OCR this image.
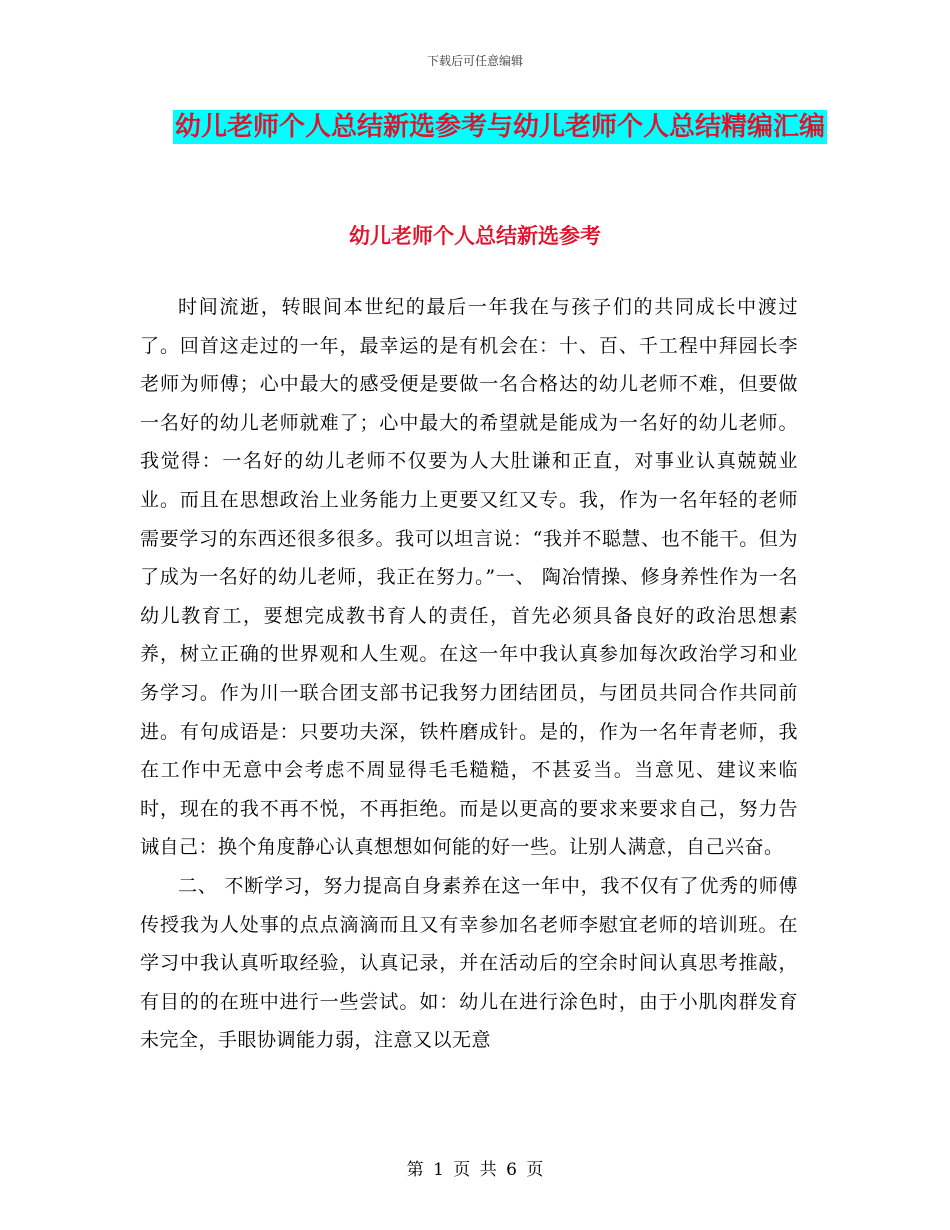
下载后可任意编辑
幼儿老师个人总结新选参考与幼儿老师个人总结精编汇编
幼儿老师个人总结新选参考

时间流逝，转眼间本世纪的最后一年我在与孩子们的共同成长中渡过了。回首这走过的一年，最幸运的是有机会在：十、百、千工程中拜园长李老师为师傅；心中最大的感受便是要做一名合格达的幼儿老师不难，但要做一名好的幼儿老师就难了；心中最大的希望就是能成为一名好的幼儿老师。我觉得：一名好的幼儿老师不仅要为人大肚谦和正直，对事业认真兢兢业业。而且在思想政治上业务能力上更要又红又专。我，作为一名年轻的老师需要学习的东西还很多很多。我可以坦言说：“我并不聪慧、也不能干。但为了成为一名好的幼儿老师，我正在努力。”一、 陶冶情操、修身养性作为一名幼儿教育工，要想完成教书育人的责任，首先必须具备良好的政治思想素养，树立正确的世界观和人生观。在这一年中我认真参加每次政治学习和业务学习。作为川一联合团支部书记我努力团结团员，与团员共同合作共同前进。有句成语是：只要功夫深，铁杵磨成针。是的，作为一名年青老师，我在工作中无意中会考虑不周显得毛毛糙糙，不甚妥当。当意见、建议来临时，现在的我不再不悦，不再拒绝。而是以更高的要求来要求自己，努力告诫自己：换个角度静心认真想想如何能的好一些。让别人满意，自己兴奋。

二、 不断学习，努力提高自身素养在这一年中，我不仅有了优秀的师傅传授我为人处事的点点滴滴而且又有幸参加名老师李慰宜老师的培训班。在学习中我认真听取经验，认真记录，并在活动后的空余时间认真思考推敲，有目的的在班中进行一些尝试。如：幼儿在进行涂色时，由于小肌肉群发育未完全，手眼协调能力弱，注意又以无意

第 1 页 共 6 页
